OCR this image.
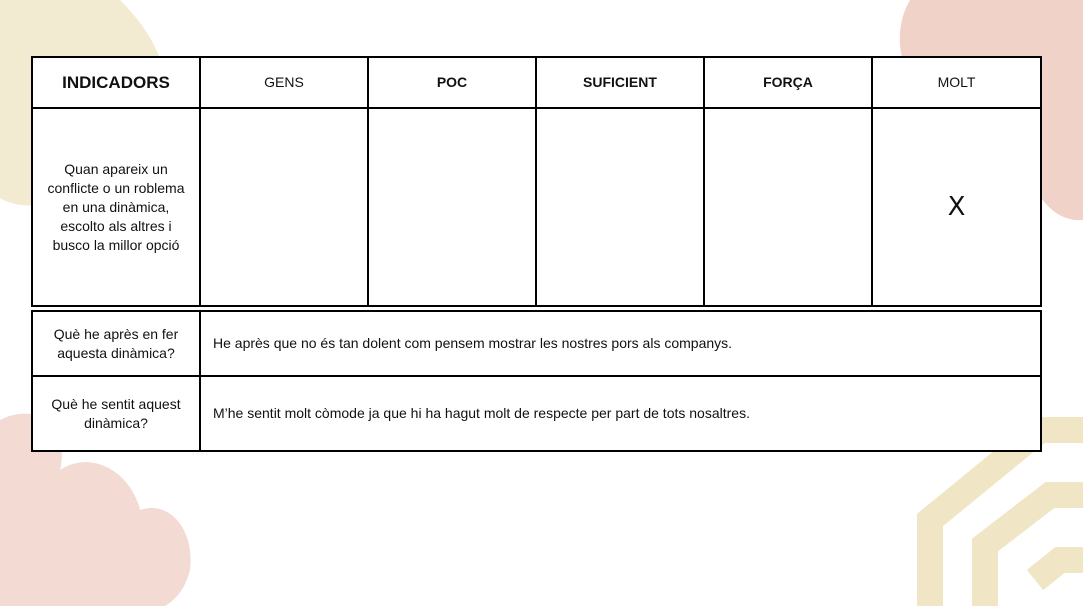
INDICADORS	GENS	POC	SUFICIENT	FORÇA	MOLT
Quan apareix un conflicte o un roblema en una dinàmica, escolto als altres i busco la millor opció					X
Què he après en fer aquesta dinàmica?	He après que no és tan dolent com pensem mostrar les nostres pors als companys.
Què he sentit aquest dinàmica?	M’he sentit molt còmode ja que hi ha hagut molt de respecte per part de tots nosaltres.
